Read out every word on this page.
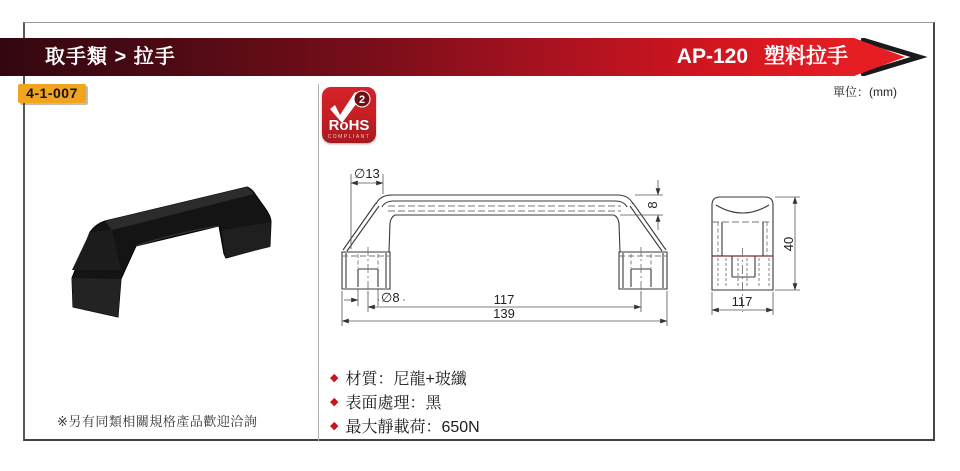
取手類 > 拉手	AP-120 塑料拉手
4-1-007	單位：(mm)
2
RoHS
COMPLIANT
∅13
8
∅8	117
139
40
117
◆ 材質：尼龍+玻纖
◆ 表面處理：黑
◆ 最大靜載荷：650N
※另有同類相關規格產品歡迎洽詢
